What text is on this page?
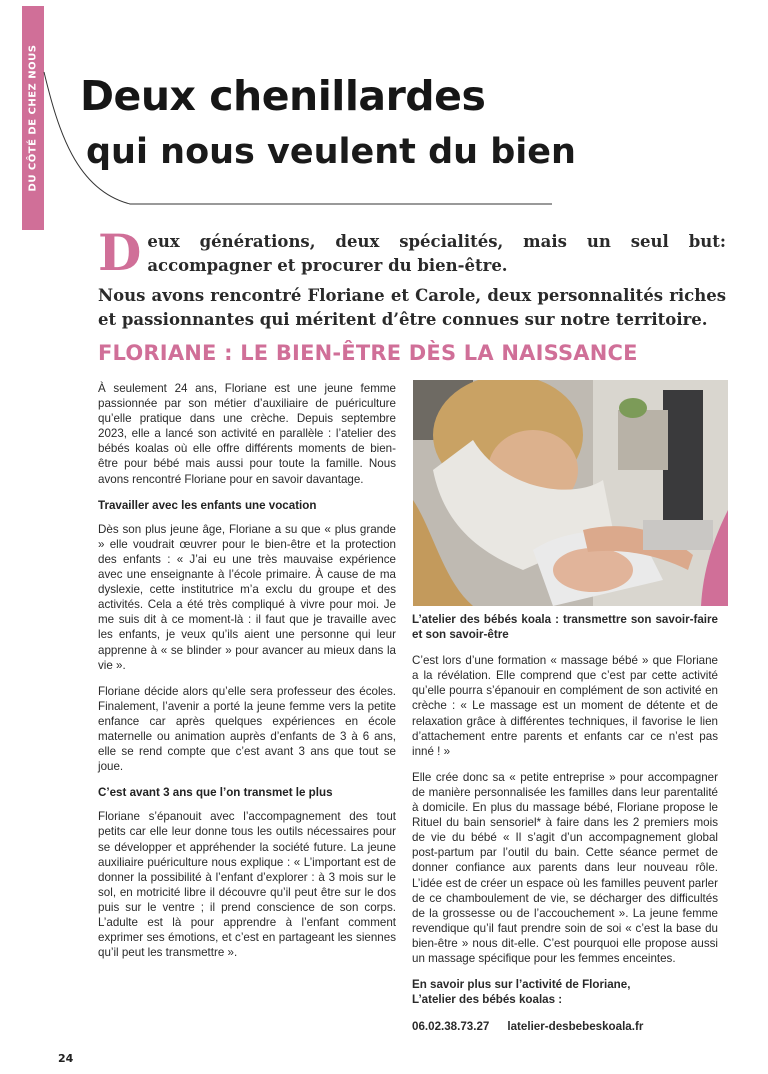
DU CÔTÉ DE CHEZ NOUS Deux chenillardes
qui nous veulent du bien

Deux générations, deux spécialités, mais un seul but: accompagner et procurer du bien-être.

Nous avons rencontré Floriane et Carole, deux personnalités riches et passionnantes qui méritent d’être connues sur notre territoire.

FLORIANE : LE BIEN-ÊTRE DÈS LA NAISSANCE

À seulement 24 ans, Floriane est une jeune femme passionnée par son métier d’auxiliaire de puériculture qu’elle pratique dans une crèche. Depuis septembre 2023, elle a lancé son activité en parallèle : l’atelier des bébés koalas où elle offre différents moments de bien-être pour bébé mais aussi pour toute la famille. Nous avons rencontré Floriane pour en savoir davantage.

Travailler avec les enfants une vocation

Dès son plus jeune âge, Floriane a su que « plus grande » elle voudrait œuvrer pour le bien-être et la protection des enfants : « J’ai eu une très mauvaise expérience avec une enseignante à l’école primaire. À cause de ma dyslexie, cette institutrice m’a exclu du groupe et des activités. Cela a été très compliqué à vivre pour moi. Je me suis dit à ce moment-là : il faut que je travaille avec les enfants, je veux qu’ils aient une personne qui leur apprenne à « se blinder » pour avancer au mieux dans la vie ».

Floriane décide alors qu’elle sera professeur des écoles. Finalement, l’avenir a porté la jeune femme vers la petite enfance car après quelques expériences en école maternelle ou animation auprès d’enfants de 3 à 6 ans, elle se rend compte que c’est avant 3 ans que tout se joue.

C’est avant 3 ans que l’on transmet le plus

Floriane s’épanouit avec l’accompagnement des tout petits car elle leur donne tous les outils nécessaires pour se développer et appréhender la société future. La jeune auxiliaire puériculture nous explique : « L’important est de donner la possibilité à l’enfant d’explorer : à 3 mois sur le sol, en motricité libre il découvre qu’il peut être sur le dos puis sur le ventre ; il prend conscience de son corps. L’adulte est là pour apprendre à l’enfant comment exprimer ses émotions, et c’est en partageant les siennes qu’il peut les transmettre ».

L’atelier des bébés koala : transmettre son savoir-faire et son savoir-être

C’est lors d’une formation « massage bébé » que Floriane a la révélation. Elle comprend que c’est par cette activité qu’elle pourra s’épanouir en complément de son activité en crèche : « Le massage est un moment de détente et de relaxation grâce à différentes techniques, il favorise le lien d’attachement entre parents et enfants car ce n’est pas inné ! »

Elle crée donc sa « petite entreprise » pour accompagner de manière personnalisée les familles dans leur parentalité à domicile. En plus du massage bébé, Floriane propose le Rituel du bain sensoriel* à faire dans les 2 premiers mois de vie du bébé « Il s’agit d’un accompagnement global post-partum par l’outil du bain. Cette séance permet de donner confiance aux parents dans leur nouveau rôle. L’idée est de créer un espace où les familles peuvent parler de ce chamboulement de vie, se décharger des difficultés de la grossesse ou de l’accouchement ». La jeune femme revendique qu’il faut prendre soin de soi « c’est la base du bien-être » nous dit-elle. C’est pourquoi elle propose aussi un massage spécifique pour les femmes enceintes.

En savoir plus sur l’activité de Floriane,

L’atelier des bébés koalas :

06.02.38.73.27 latelier-desbebeskoala.fr
24
